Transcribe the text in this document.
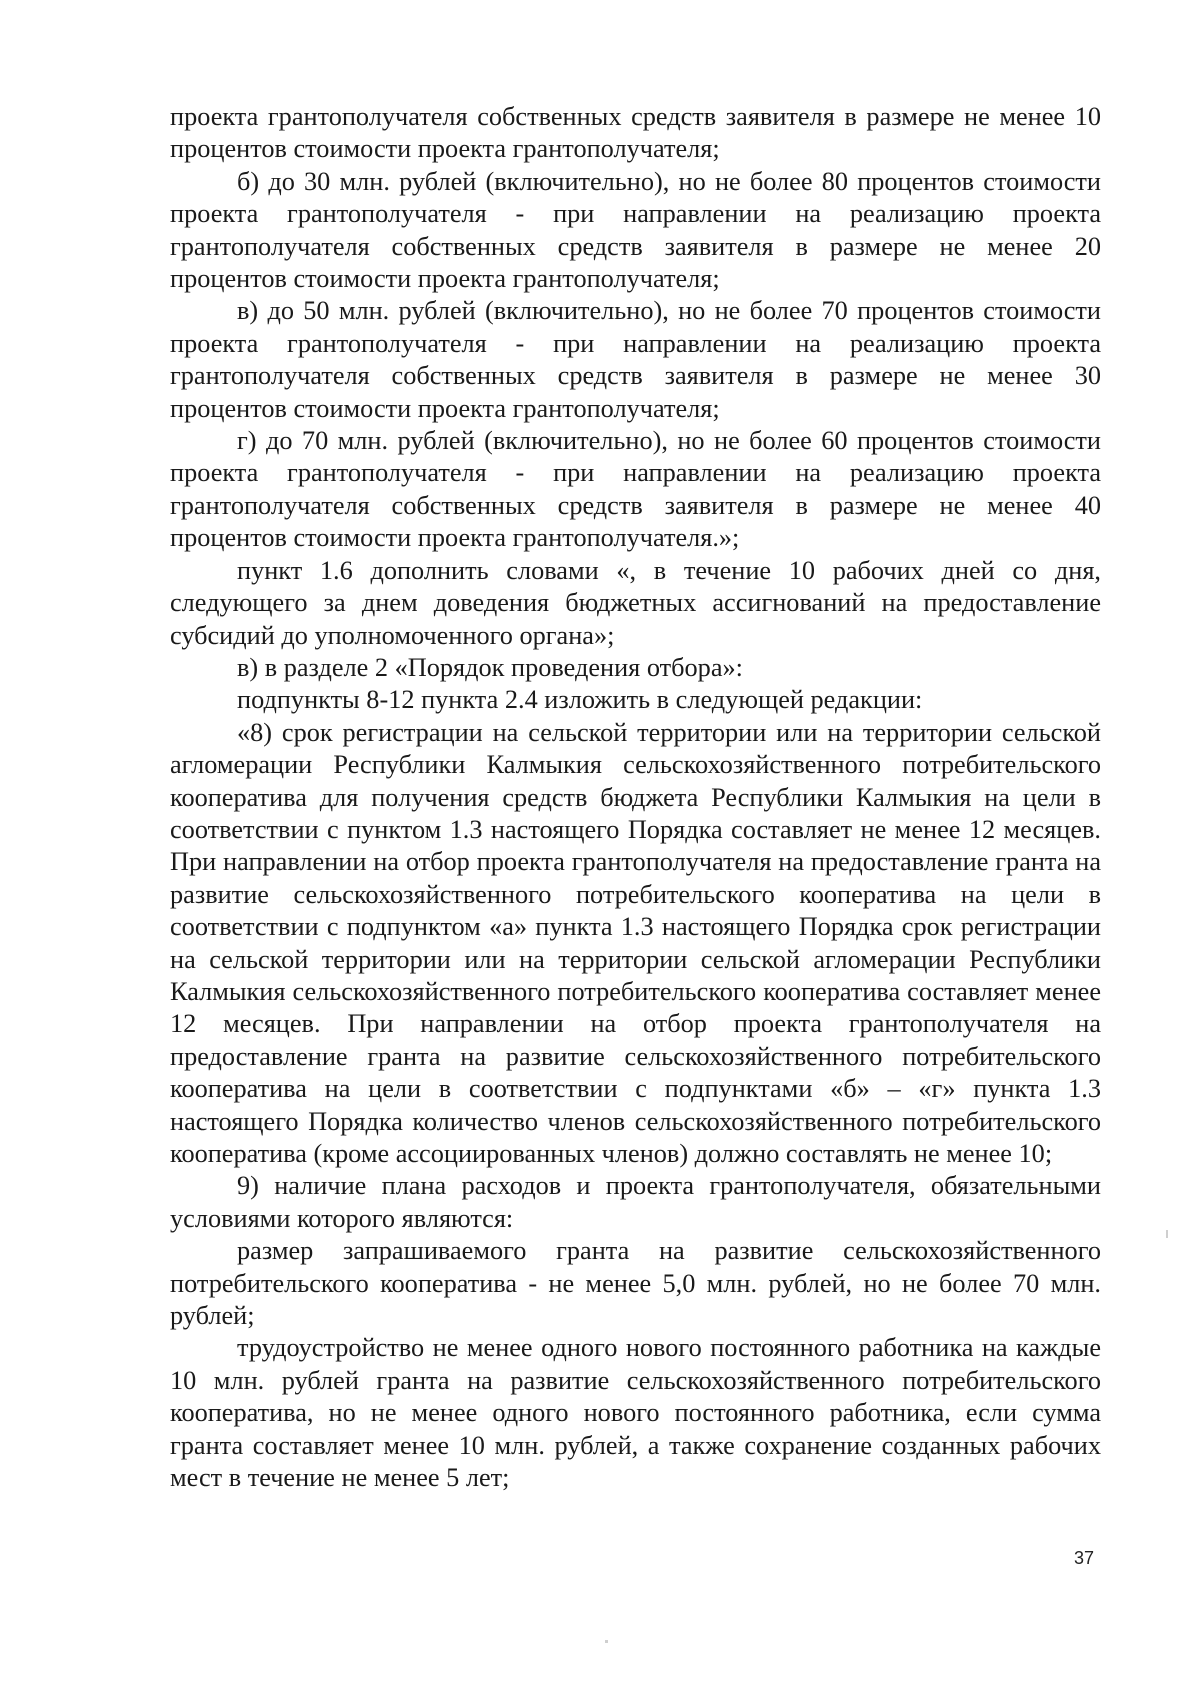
проекта грантополучателя собственных средств заявителя в размере не менее 10 процентов стоимости проекта грантополучателя;

б) до 30 млн. рублей (включительно), но не более 80 процентов стоимости проекта грантополучателя - при направлении на реализацию проекта грантополучателя собственных средств заявителя в размере не менее 20 процентов стоимости проекта грантополучателя;

в) до 50 млн. рублей (включительно), но не более 70 процентов стоимости проекта грантополучателя - при направлении на реализацию проекта грантополучателя собственных средств заявителя в размере не менее 30 процентов стоимости проекта грантополучателя;

г) до 70 млн. рублей (включительно), но не более 60 процентов стоимости проекта грантополучателя - при направлении на реализацию проекта грантополучателя собственных средств заявителя в размере не менее 40 процентов стоимости проекта грантополучателя.»;

пункт 1.6 дополнить словами «, в течение 10 рабочих дней со дня, следующего за днем доведения бюджетных ассигнований на предоставление субсидий до уполномоченного органа»;

в) в разделе 2 «Порядок проведения отбора»:

подпункты 8-12 пункта 2.4 изложить в следующей редакции:

«8) срок регистрации на сельской территории или на территории сельской агломерации Республики Калмыкия сельскохозяйственного потребительского кооператива для получения средств бюджета Республики Калмыкия на цели в соответствии с пунктом 1.3 настоящего Порядка составляет не менее 12 месяцев. При направлении на отбор проекта грантополучателя на предоставление гранта на развитие сельскохозяйственного потребительского кооператива на цели в соответствии с подпунктом «а» пункта 1.3 настоящего Порядка срок регистрации на сельской территории или на территории сельской агломерации Республики Калмыкия сельскохозяйственного потребительского кооператива составляет менее 12 месяцев. При направлении на отбор проекта грантополучателя на предоставление гранта на развитие сельскохозяйственного потребительского кооператива на цели в соответствии с подпунктами «б» – «г» пункта 1.3 настоящего Порядка количество членов сельскохозяйственного потребительского кооператива (кроме ассоциированных членов) должно составлять не менее 10;

9) наличие плана расходов и проекта грантополучателя, обязательными условиями которого являются:

размер запрашиваемого гранта на развитие сельскохозяйственного потребительского кооператива - не менее 5,0 млн. рублей, но не более 70 млн. рублей;

трудоустройство не менее одного нового постоянного работника на каждые 10 млн. рублей гранта на развитие сельскохозяйственного потребительского кооператива, но не менее одного нового постоянного работника, если сумма гранта составляет менее 10 млн. рублей, а также сохранение созданных рабочих мест в течение не менее 5 лет;

37
